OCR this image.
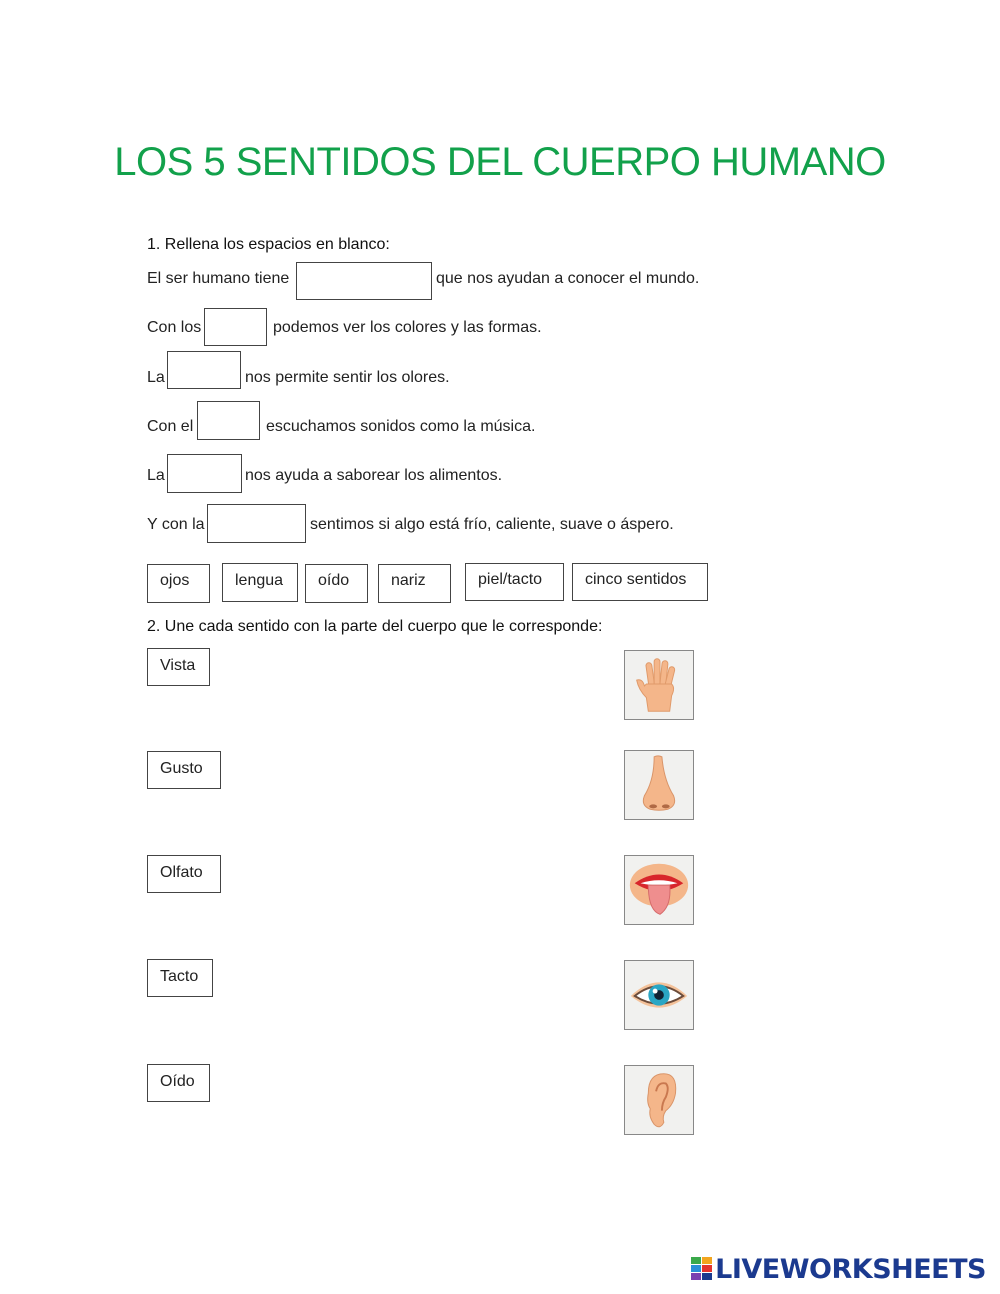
LOS 5 SENTIDOS DEL CUERPO HUMANO
1. Rellena los espacios en blanco:
El ser humano tiene	que nos ayudan a conocer el mundo.
Con los	podemos ver los colores y las formas.
La	nos permite sentir los olores.
Con el	escuchamos sonidos como la música.
La	nos ayuda a saborear los alimentos.
Y con la	sentimos si algo está frío, caliente, suave o áspero.
ojos	lengua	oído	nariz	piel/tacto	cinco sentidos
2. Une cada sentido con la parte del cuerpo que le corresponde:
Vista
Gusto
Olfato
Tacto
Oído
LIVEWORKSHEETS
